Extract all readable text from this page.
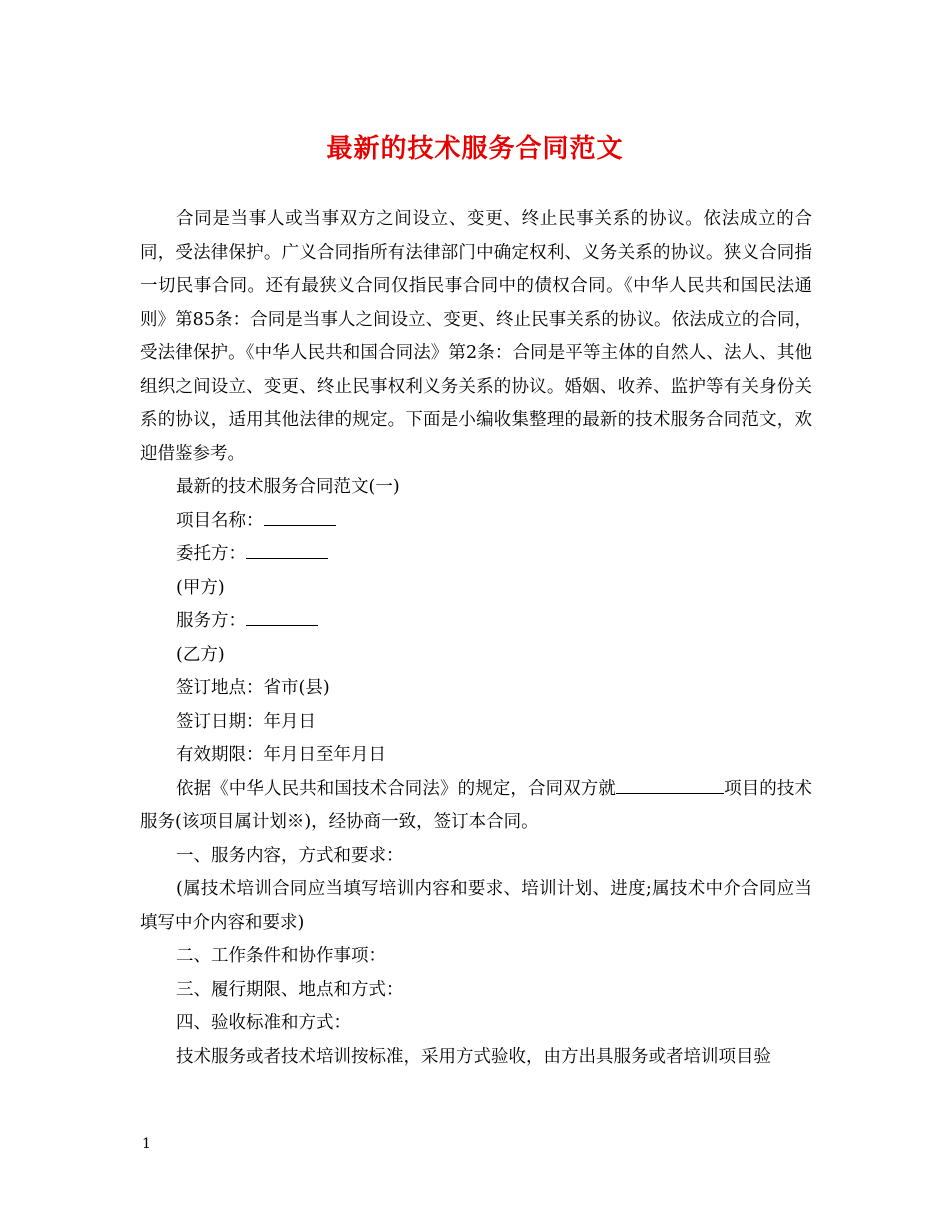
最新的技术服务合同范文

合同是当事人或当事双方之间设立、变更、终止民事关系的协议。依法成立的合同，受法律保护。广义合同指所有法律部门中确定权利、义务关系的协议。狭义合同指一切民事合同。还有最狭义合同仅指民事合同中的债权合同。《中华人民共和国民法通则》第85条：合同是当事人之间设立、变更、终止民事关系的协议。依法成立的合同，受法律保护。《中华人民共和国合同法》第2条：合同是平等主体的自然人、法人、其他组织之间设立、变更、终止民事权利义务关系的协议。婚姻、收养、监护等有关身份关系的协议，适用其他法律的规定。下面是小编收集整理的最新的技术服务合同范文，欢迎借鉴参考。

最新的技术服务合同范文(一)

项目名称：

委托方：

(甲方)

服务方：

(乙方)

签订地点：省市(县)

签订日期：年月日

有效期限：年月日至年月日

依据《中华人民共和国技术合同法》的规定，合同双方就	项目的技术服务(该项目属计划※)，经协商一致，签订本合同。

一、服务内容，方式和要求：

(属技术培训合同应当填写培训内容和要求、培训计划、进度;属技术中介合同应当填写中介内容和要求)

二、工作条件和协作事项：

三、履行期限、地点和方式：

四、验收标准和方式：

技术服务或者技术培训按标准，采用方式验收，由方出具服务或者培训项目验

1
